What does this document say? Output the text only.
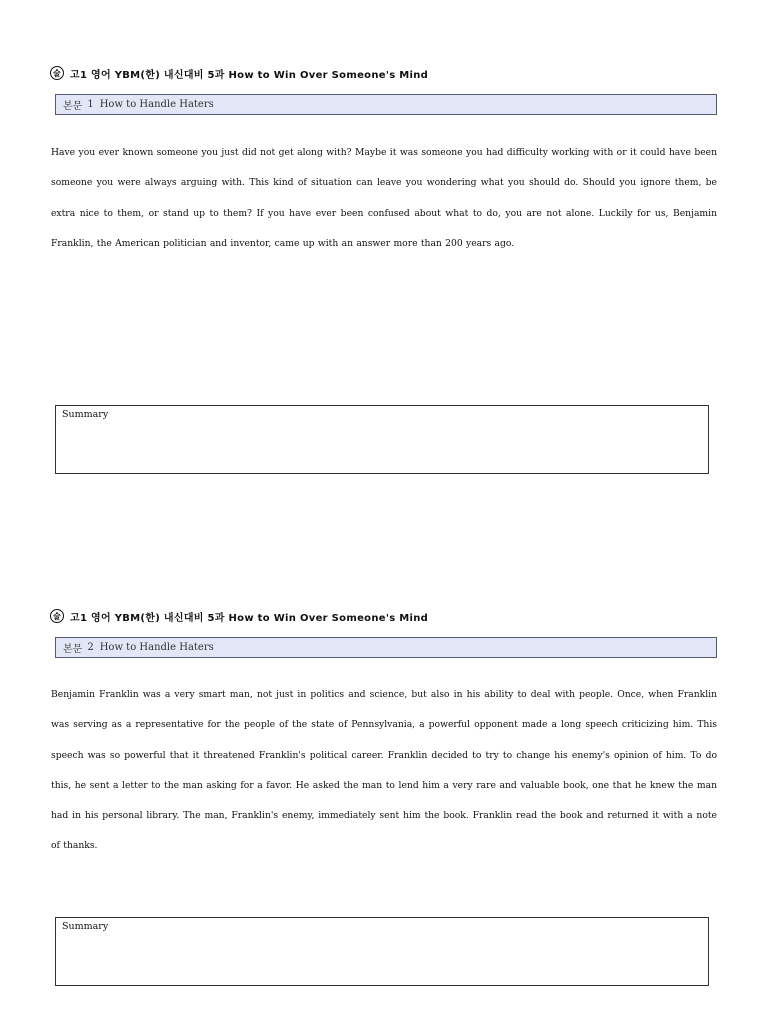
술 고1 영어 YBM(한) 내신대비 5과 How to Win Over Someone's Mind
본문 1 How to Handle Haters
Have you ever known someone you just did not get along with? Maybe it was someone you had difficulty working with or it could have been someone you were always arguing with. This kind of situation can leave you wondering what you should do. Should you ignore them, be extra nice to them, or stand up to them? If you have ever been confused about what to do, you are not alone. Luckily for us, Benjamin Franklin, the American politician and inventor, came up with an answer more than 200 years ago.
Summary
술 고1 영어 YBM(한) 내신대비 5과 How to Win Over Someone's Mind
본문 2 How to Handle Haters
Benjamin Franklin was a very smart man, not just in politics and science, but also in his ability to deal with people. Once, when Franklin was serving as a representative for the people of the state of Pennsylvania, a powerful opponent made a long speech criticizing him. This speech was so powerful that it threatened Franklin's political career. Franklin decided to try to change his enemy's opinion of him. To do this, he sent a letter to the man asking for a favor. He asked the man to lend him a very rare and valuable book, one that he knew the man had in his personal library. The man, Franklin's enemy, immediately sent him the book. Franklin read the book and returned it with a note of thanks.
Summary
